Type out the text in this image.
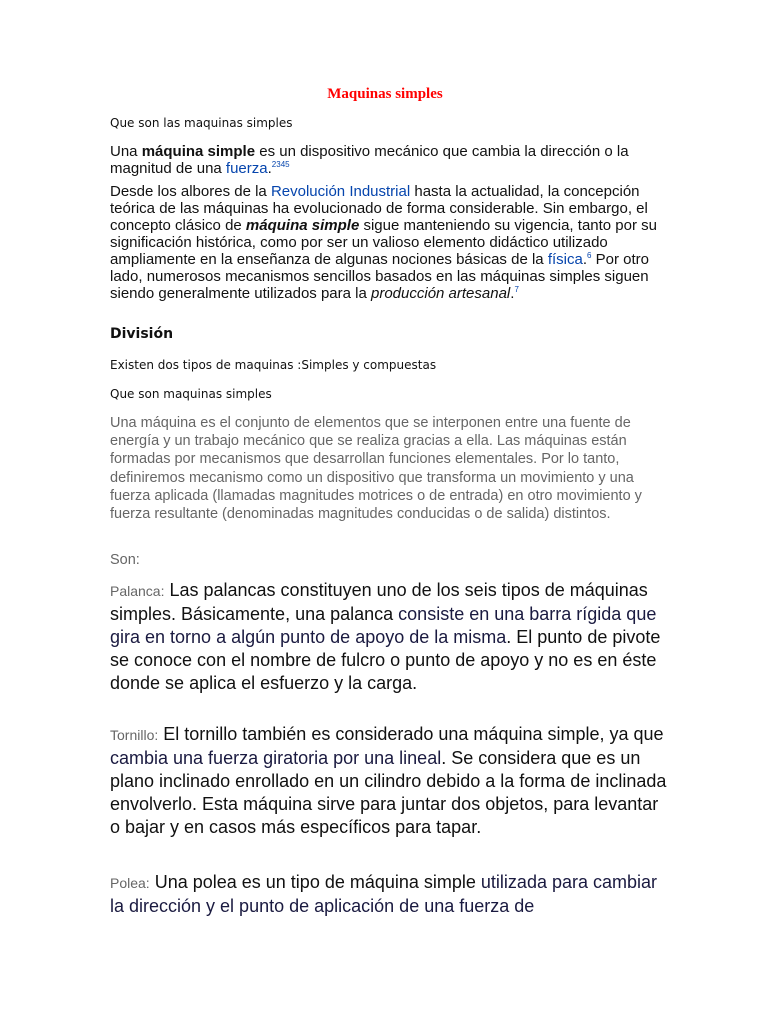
Maquinas simples

Que son las maquinas simples

Una máquina simple es un dispositivo mecánico que cambia la dirección o la magnitud de una fuerza.$^{2345}$

Desde los albores de la Revolución Industrial hasta la actualidad, la concepción teórica de las máquinas ha evolucionado de forma considerable. Sin embargo, el concepto clásico de máquina simple sigue manteniendo su vigencia, tanto por su significación histórica, como por ser un valioso elemento didáctico utilizado ampliamente en la enseñanza de algunas nociones básicas de la física.$^6$ Por otro lado, numerosos mecanismos sencillos basados en las máquinas simples siguen siendo generalmente utilizados para la producción artesanal.$^7$

División

Existen dos tipos de maquinas :Simples y compuestas

Que son maquinas simples

Una máquina es el conjunto de elementos que se interponen entre una fuente de energía y un trabajo mecánico que se realiza gracias a ella. Las máquinas están formadas por mecanismos que desarrollan funciones elementales. Por lo tanto, definiremos mecanismo como un dispositivo que transforma un movimiento y una fuerza aplicada (llamadas magnitudes motrices o de entrada) en otro movimiento y fuerza resultante (denominadas magnitudes conducidas o de salida) distintos.

Son:

Palanca: Las palancas constituyen uno de los seis tipos de máquinas simples. Básicamente, una palanca consiste en una barra rígida que gira en torno a algún punto de apoyo de la misma. El punto de pivote se conoce con el nombre de fulcro o punto de apoyo y no es en éste donde se aplica el esfuerzo y la carga.

Tornillo: El tornillo también es considerado una máquina simple, ya que cambia una fuerza giratoria por una lineal. Se considera que es un plano inclinado enrollado en un cilindro debido a la forma de inclinada envolverlo. Esta máquina sirve para juntar dos objetos, para levantar o bajar y en casos más específicos para tapar.

Polea: Una polea es un tipo de máquina simple utilizada para cambiar la dirección y el punto de aplicación de una fuerza de
